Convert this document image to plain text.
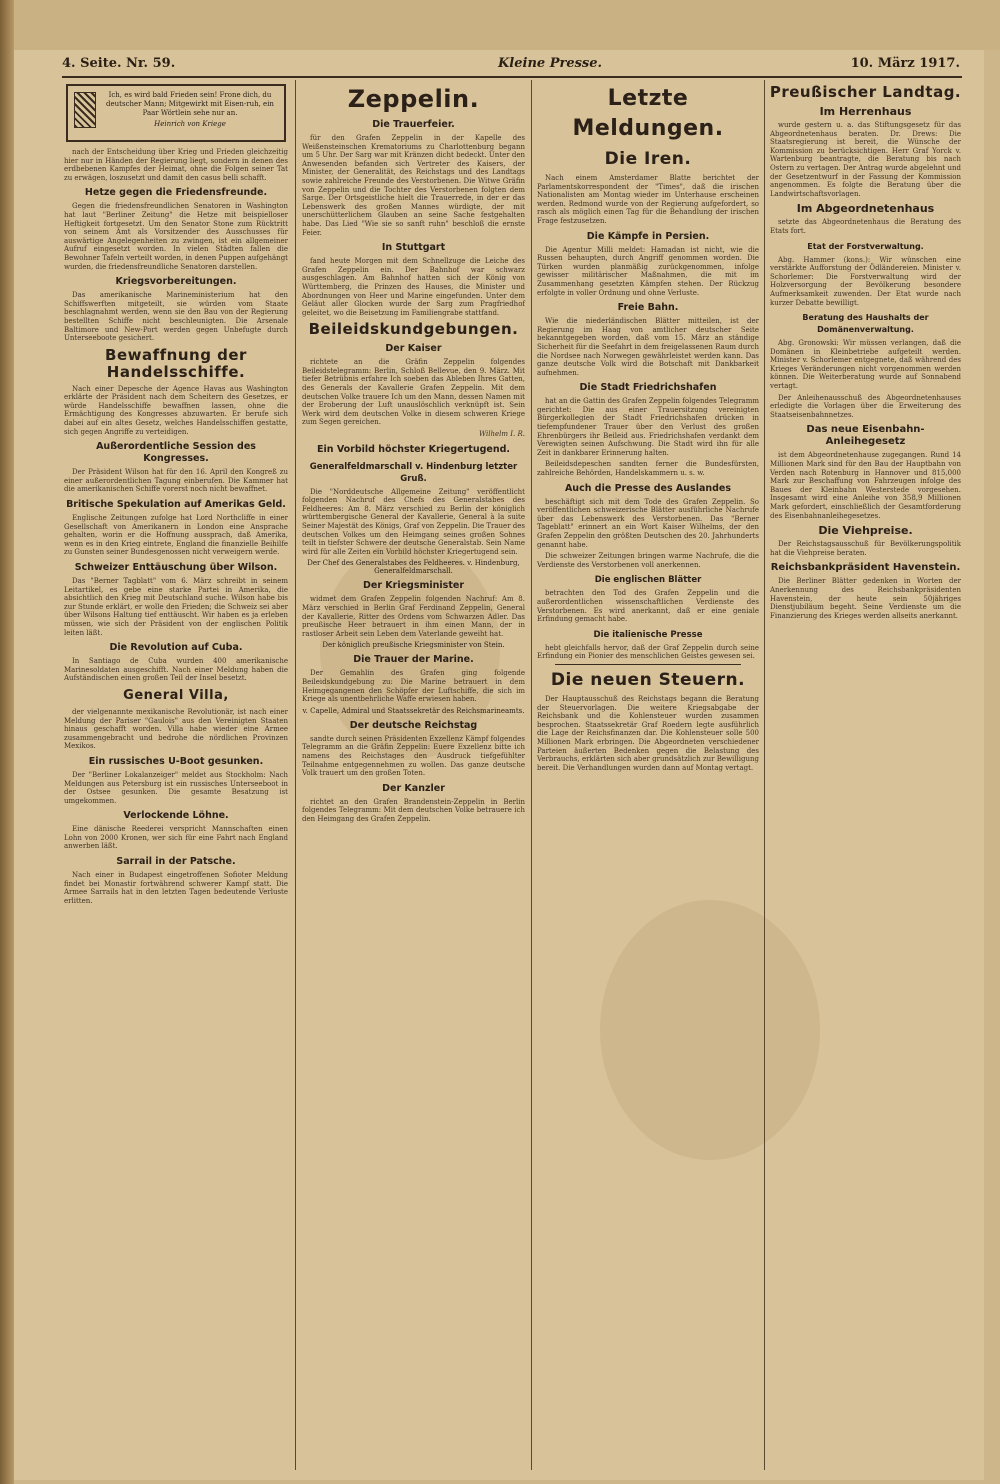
4. Seite. Nr. 59.	Kleine Presse.	10. März 1917.
Ich, es wird bald Frieden sein! Frone dich, du deutscher Mann; Mitgewirkt mit Eisen-ruh, ein Paar Wörtlein sehe nur an.
Heinrich von Kriege

nach der Entscheidung über Krieg und Frieden gleichzeitig hier nur in Händen der Regierung liegt, sondern in denen des erdbebenen Kampfes der Heimat, ohne die Folgen seiner Tat zu erwägen, loszusetzt und damit den casus belli schafft.

Hetze gegen die Friedensfreunde.

Gegen die friedensfreundlichen Senatoren in Washington hat laut "Berliner Zeitung" die Hetze mit beispielloser Heftigkeit fortgesetzt. Um den Senator Stone zum Rücktritt von seinem Amt als Vorsitzender des Ausschusses für auswärtige Angelegenheiten zu zwingen, ist ein allgemeiner Aufruf eingesetzt worden. In vielen Städten fallen die Bewohner Tafeln verteilt worden, in denen Puppen aufgehängt wurden, die friedensfreundliche Senatoren darstellen.

Kriegsvorbereitungen.

Das amerikanische Marineministerium hat den Schiffswerften mitgeteilt, sie würden vom Staate beschlagnahmt werden, wenn sie den Bau von der Regierung bestellten Schiffe nicht beschleunigten. Die Arsenale Baltimore und New-Port werden gegen Unbefugte durch Unterseeboote gesichert.

Bewaffnung der Handelsschiffe.

Nach einer Depesche der Agence Havas aus Washington erklärte der Präsident nach dem Scheitern des Gesetzes, er würde Handelsschiffe bewaffnen lassen, ohne die Ermächtigung des Kongresses abzuwarten. Er berufe sich dabei auf ein altes Gesetz, welches Handelsschiffen gestatte, sich gegen Angriffe zu verteidigen.

Außerordentliche Session des Kongresses.

Der Präsident Wilson hat für den 16. April den Kongreß zu einer außerordentlichen Tagung einberufen. Die Kammer hat die amerikanischen Schiffe vorerst noch nicht bewaffnet.

Britische Spekulation auf Amerikas Geld.

Englische Zeitungen zufolge hat Lord Northcliffe in einer Gesellschaft von Amerikanern in London eine Ansprache gehalten, worin er die Hoffnung aussprach, daß Amerika, wenn es in den Krieg eintrete, England die finanzielle Beihilfe zu Gunsten seiner Bundesgenossen nicht verweigern werde.

Schweizer Enttäuschung über Wilson.

Das "Berner Tagblatt" vom 6. März schreibt in seinem Leitartikel, es gebe eine starke Partei in Amerika, die absichtlich den Krieg mit Deutschland suche. Wilson habe bis zur Stunde erklärt, er wolle den Frieden; die Schweiz sei aber über Wilsons Haltung tief enttäuscht. Wir haben es ja erleben müssen, wie sich der Präsident von der englischen Politik leiten läßt.

Die Revolution auf Cuba.

In Santiago de Cuba wurden 400 amerikanische Marinesoldaten ausgeschifft. Nach einer Meldung haben die Aufständischen einen großen Teil der Insel besetzt.

General Villa,

der vielgenannte mexikanische Revolutionär, ist nach einer Meldung der Pariser "Gaulois" aus den Vereinigten Staaten hinaus geschafft worden. Villa habe wieder eine Armee zusammengebracht und bedrohe die nördlichen Provinzen Mexikos.

Ein russisches U-Boot gesunken.

Der "Berliner Lokalanzeiger" meldet aus Stockholm: Nach Meldungen aus Petersburg ist ein russisches Unterseeboot in der Ostsee gesunken. Die gesamte Besatzung ist umgekommen.

Verlockende Löhne.

Eine dänische Reederei verspricht Mannschaften einen Lohn von 2000 Kronen, wer sich für eine Fahrt nach England anwerben läßt.

Sarrail in der Patsche.

Nach einer in Budapest eingetroffenen Sofioter Meldung findet bei Monastir fortwährend schwerer Kampf statt. Die Armee Sarrails hat in den letzten Tagen bedeutende Verluste erlitten.

Zeppelin.
Die Trauerfeier.

für den Grafen Zeppelin in der Kapelle des Weißensteinschen Krematoriums zu Charlottenburg begann um 5 Uhr. Der Sarg war mit Kränzen dicht bedeckt. Unter den Anwesenden befanden sich Vertreter des Kaisers, der Minister, der Generalität, des Reichstags und des Landtags sowie zahlreiche Freunde des Verstorbenen. Die Witwe Gräfin von Zeppelin und die Tochter des Verstorbenen folgten dem Sarge. Der Ortsgeistliche hielt die Trauerrede, in der er das Lebenswerk des großen Mannes würdigte, der mit unerschütterlichem Glauben an seine Sache festgehalten habe. Das Lied "Wie sie so sanft ruhn" beschloß die ernste Feier.

In Stuttgart

fand heute Morgen mit dem Schnellzuge die Leiche des Grafen Zeppelin ein. Der Bahnhof war schwarz ausgeschlagen. Am Bahnhof hatten sich der König von Württemberg, die Prinzen des Hauses, die Minister und Abordnungen von Heer und Marine eingefunden. Unter dem Geläut aller Glocken wurde der Sarg zum Pragfriedhof geleitet, wo die Beisetzung im Familiengrabe stattfand.

Beileidskundgebungen.
Der Kaiser

richtete an die Gräfin Zeppelin folgendes Beileidstelegramm: Berlin, Schloß Bellevue, den 9. März. Mit tiefer Betrübnis erfahre Ich soeben das Ableben Ihres Gatten, des Generals der Kavallerie Grafen Zeppelin. Mit dem deutschen Volke trauere Ich um den Mann, dessen Namen mit der Eroberung der Luft unauslöschlich verknüpft ist. Sein Werk wird dem deutschen Volke in diesem schweren Kriege zum Segen gereichen.

Wilhelm I. R.

Ein Vorbild höchster Kriegertugend.
Generalfeldmarschall v. Hindenburg letzter Gruß.

Die "Norddeutsche Allgemeine Zeitung" veröffentlicht folgenden Nachruf des Chefs des Generalstabes des Feldheeres: Am 8. März verschied zu Berlin der königlich württembergische General der Kavallerie, General à la suite Seiner Majestät des Königs, Graf von Zeppelin. Die Trauer des deutschen Volkes um den Heimgang seines großen Sohnes teilt in tiefster Schwere der deutsche Generalstab. Sein Name wird für alle Zeiten ein Vorbild höchster Kriegertugend sein.

Der Chef des Generalstabes des Feldheeres. v. Hindenburg, Generalfeldmarschall.

Der Kriegsminister

widmet dem Grafen Zeppelin folgenden Nachruf: Am 8. März verschied in Berlin Graf Ferdinand Zeppelin, General der Kavallerie, Ritter des Ordens vom Schwarzen Adler. Das preußische Heer betrauert in ihm einen Mann, der in rastloser Arbeit sein Leben dem Vaterlande geweiht hat.

Der königlich preußische Kriegsminister von Stein.

Die Trauer der Marine.

Der Gemahlin des Grafen ging folgende Beileidskundgebung zu: Die Marine betrauert in dem Heimgegangenen den Schöpfer der Luftschiffe, die sich im Kriege als unentbehrliche Waffe erwiesen haben.

v. Capelle, Admiral und Staatssekretär des Reichsmarineamts.

Der deutsche Reichstag

sandte durch seinen Präsidenten Exzellenz Kämpf folgendes Telegramm an die Gräfin Zeppelin: Euere Exzellenz bitte ich namens des Reichstages den Ausdruck tiefgefühlter Teilnahme entgegennehmen zu wollen. Das ganze deutsche Volk trauert um den großen Toten.

Der Kanzler

richtet an den Grafen Brandenstein-Zeppelin in Berlin folgendes Telegramm: Mit dem deutschen Volke betrauere ich den Heimgang des Grafen Zeppelin.

Letzte Meldungen.
Die Iren.

Nach einem Amsterdamer Blatte berichtet der Parlamentskorrespondent der "Times", daß die irischen Nationalisten am Montag wieder im Unterhause erscheinen werden. Redmond wurde von der Regierung aufgefordert, so rasch als möglich einen Tag für die Behandlung der irischen Frage festzusetzen.

Die Kämpfe in Persien.

Die Agentur Milli meldet: Hamadan ist nicht, wie die Russen behaupten, durch Angriff genommen worden. Die Türken wurden planmäßig zurückgenommen, infolge gewisser militärischer Maßnahmen, die mit im Zusammenhang gesetzten Kämpfen stehen. Der Rückzug erfolgte in voller Ordnung und ohne Verluste.

Freie Bahn.

Wie die niederländischen Blätter mitteilen, ist der Regierung im Haag von amtlicher deutscher Seite bekanntgegeben worden, daß vom 15. März an ständige Sicherheit für die Seefahrt in dem freigelassenen Raum durch die Nordsee nach Norwegen gewährleistet werden kann. Das ganze deutsche Volk wird die Botschaft mit Dankbarkeit aufnehmen.

Die Stadt Friedrichshafen

hat an die Gattin des Grafen Zeppelin folgendes Telegramm gerichtet: Die aus einer Trauersitzung vereinigten Bürgerkollegien der Stadt Friedrichshafen drücken in tiefempfundener Trauer über den Verlust des großen Ehrenbürgers ihr Beileid aus. Friedrichshafen verdankt dem Verewigten seinen Aufschwung. Die Stadt wird ihn für alle Zeit in dankbarer Erinnerung halten.

Beileidsdepeschen sandten ferner die Bundesfürsten, zahlreiche Behörden, Handelskammern u. s. w.

Auch die Presse des Auslandes

beschäftigt sich mit dem Tode des Grafen Zeppelin. So veröffentlichen schweizerische Blätter ausführliche Nachrufe über das Lebenswerk des Verstorbenen. Das "Berner Tageblatt" erinnert an ein Wort Kaiser Wilhelms, der den Grafen Zeppelin den größten Deutschen des 20. Jahrhunderts genannt habe.

Die schweizer Zeitungen bringen warme Nachrufe, die die Verdienste des Verstorbenen voll anerkennen.

Die englischen Blätter

betrachten den Tod des Grafen Zeppelin und die außerordentlichen wissenschaftlichen Verdienste des Verstorbenen. Es wird anerkannt, daß er eine geniale Erfindung gemacht habe.

Die italienische Presse

hebt gleichfalls hervor, daß der Graf Zeppelin durch seine Erfindung ein Pionier des menschlichen Geistes gewesen sei.

Die neuen Steuern.

Der Hauptausschuß des Reichstags begann die Beratung der Steuervorlagen. Die weitere Kriegsabgabe der Reichsbank und die Kohlensteuer wurden zusammen besprochen. Staatssekretär Graf Roedern legte ausführlich die Lage der Reichsfinanzen dar. Die Kohlensteuer solle 500 Millionen Mark erbringen. Die Abgeordneten verschiedener Parteien äußerten Bedenken gegen die Belastung des Verbrauchs, erklärten sich aber grundsätzlich zur Bewilligung bereit. Die Verhandlungen wurden dann auf Montag vertagt.

Preußischer Landtag.
Im Herrenhaus

wurde gestern u. a. das Stiftungsgesetz für das Abgeordnetenhaus beraten. Dr. Drews: Die Staatsregierung ist bereit, die Wünsche der Kommission zu berücksichtigen. Herr Graf Yorck v. Wartenburg beantragte, die Beratung bis nach Ostern zu vertagen. Der Antrag wurde abgelehnt und der Gesetzentwurf in der Fassung der Kommission angenommen. Es folgte die Beratung über die Landwirtschaftsvorlagen.

Im Abgeordnetenhaus

setzte das Abgeordnetenhaus die Beratung des Etats fort.

Etat der Forstverwaltung.

Abg. Hammer (kons.): Wir wünschen eine verstärkte Aufforstung der Ödländereien. Minister v. Schorlemer: Die Forstverwaltung wird der Holzversorgung der Bevölkerung besondere Aufmerksamkeit zuwenden. Der Etat wurde nach kurzer Debatte bewilligt.

Beratung des Haushalts der Domänenverwaltung.

Abg. Gronowski: Wir müssen verlangen, daß die Domänen in Kleinbetriebe aufgeteilt werden. Minister v. Schorlemer entgegnete, daß während des Krieges Veränderungen nicht vorgenommen werden können. Die Weiterberatung wurde auf Sonnabend vertagt.

Der Anleihenausschuß des Abgeordnetenhauses erledigte die Vorlagen über die Erweiterung des Staatseisenbahnnetzes.

Das neue Eisenbahn-Anleihegesetz

ist dem Abgeordnetenhause zugegangen. Rund 14 Millionen Mark sind für den Bau der Hauptbahn von Verden nach Rotenburg in Hannover und 815,000 Mark zur Beschaffung von Fahrzeugen infolge des Baues der Kleinbahn Westerstede vorgesehen. Insgesamt wird eine Anleihe von 358,9 Millionen Mark gefordert, einschließlich der Gesamtforderung des Eisenbahnanleihegesetzes.

Die Viehpreise.

Der Reichstagsausschuß für Bevölkerungspolitik hat die Viehpreise beraten.

Reichsbankpräsident Havenstein.

Die Berliner Blätter gedenken in Worten der Anerkennung des Reichsbankpräsidenten Havenstein, der heute sein 50jähriges Dienstjubiläum begeht. Seine Verdienste um die Finanzierung des Krieges werden allseits anerkannt.
